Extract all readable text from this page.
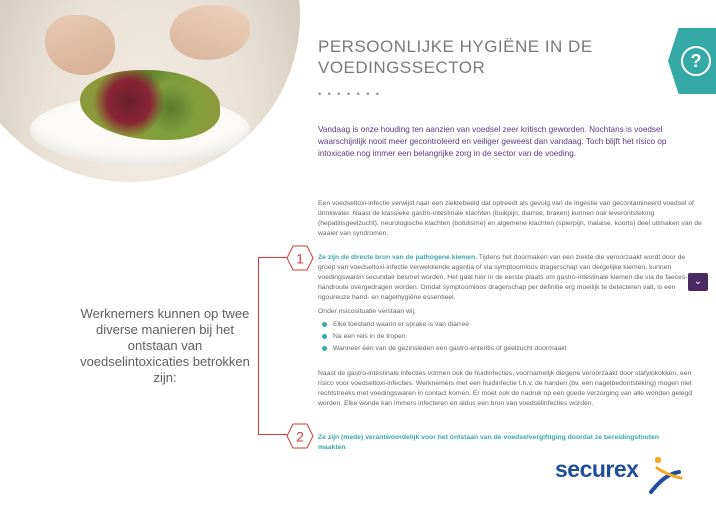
PERSOONLIJKE HYGIËNE IN DE
VOEDINGSSECTOR
• • • • • • •
?

Vandaag is onze houding ten aanzien van voedsel zeer kritisch geworden. Nochtans is voedsel waarschijnlijk nooit meer gecontroleerd en veiliger geweest dan vandaag. Toch blijft het risico op intoxicatie nog immer een belangrijke zorg in de sector van de voeding.

Een voedseltoxi-infectie verwijst naar een ziektebeeld dat optreedt als gevolg van de ingestie van gecontamineerd voedsel of drinkwater. Naast de klassieke gastro-intestinale klachten (buikpijn, diarree, braken) kunnen ook leverontsteking (hepatitisgeelzucht), neurologische klachten (botulisme) en algemene klachten (spierpijn, malaise, koorts) deel uitmaken van de waaier van syndromen.

Ze zijn de directe bron van de pathogene kiemen. Tijdens het doormaken van een ziekte die veroorzaakt wordt door de groep van voedseltoxi-infectie verwekkende agentia of via symptoomloos dragerschap van dergelijke kiemen, kunnen voedingswaren secundair besmet worden. Het gaat hier in de eerste plaats om gastro-intestinale kiemen die via de faeces-handroute overgedragen worden. Omdat symptoomloos dragerschap per definitie erg moeilijk te detecteren valt, is een rigoureuze hand- en nagelhygiëne essentieel.

Onder risicosituatie verstaan wij:
Elke toestand waarin er sprake is van diarree
Na een reis in de tropen
Wanneer één van de gezinsleden een gastro-enteritis of geelzucht doormaakt

Naast de gastro-intestinale infecties vormen ook de huidinfecties, voornamelijk diegene veroorzaakt door stafylokokken, een risico voor voedseltoxi-infecties. Werknemers met een huidinfectie t.h.v. de handen (bv. een nagelbedontsteking) mogen niet rechtstreeks met voedingswaren in contact komen. Er moet ook de nadruk op een goede verzorging van alle wonden gelegd worden. Elke wonde kan immers infecteren en aldus een bron van voedselinfecties worden.

Ze zijn (mede) verantwoordelijk voor het ontstaan van de voedselvergiftiging doordat ze bereidingsfouten maakten

Werknemers kunnen op twee diverse manieren bij het ontstaan van voedselintoxicaties betrokken zijn:
1
2
⌄
securex
